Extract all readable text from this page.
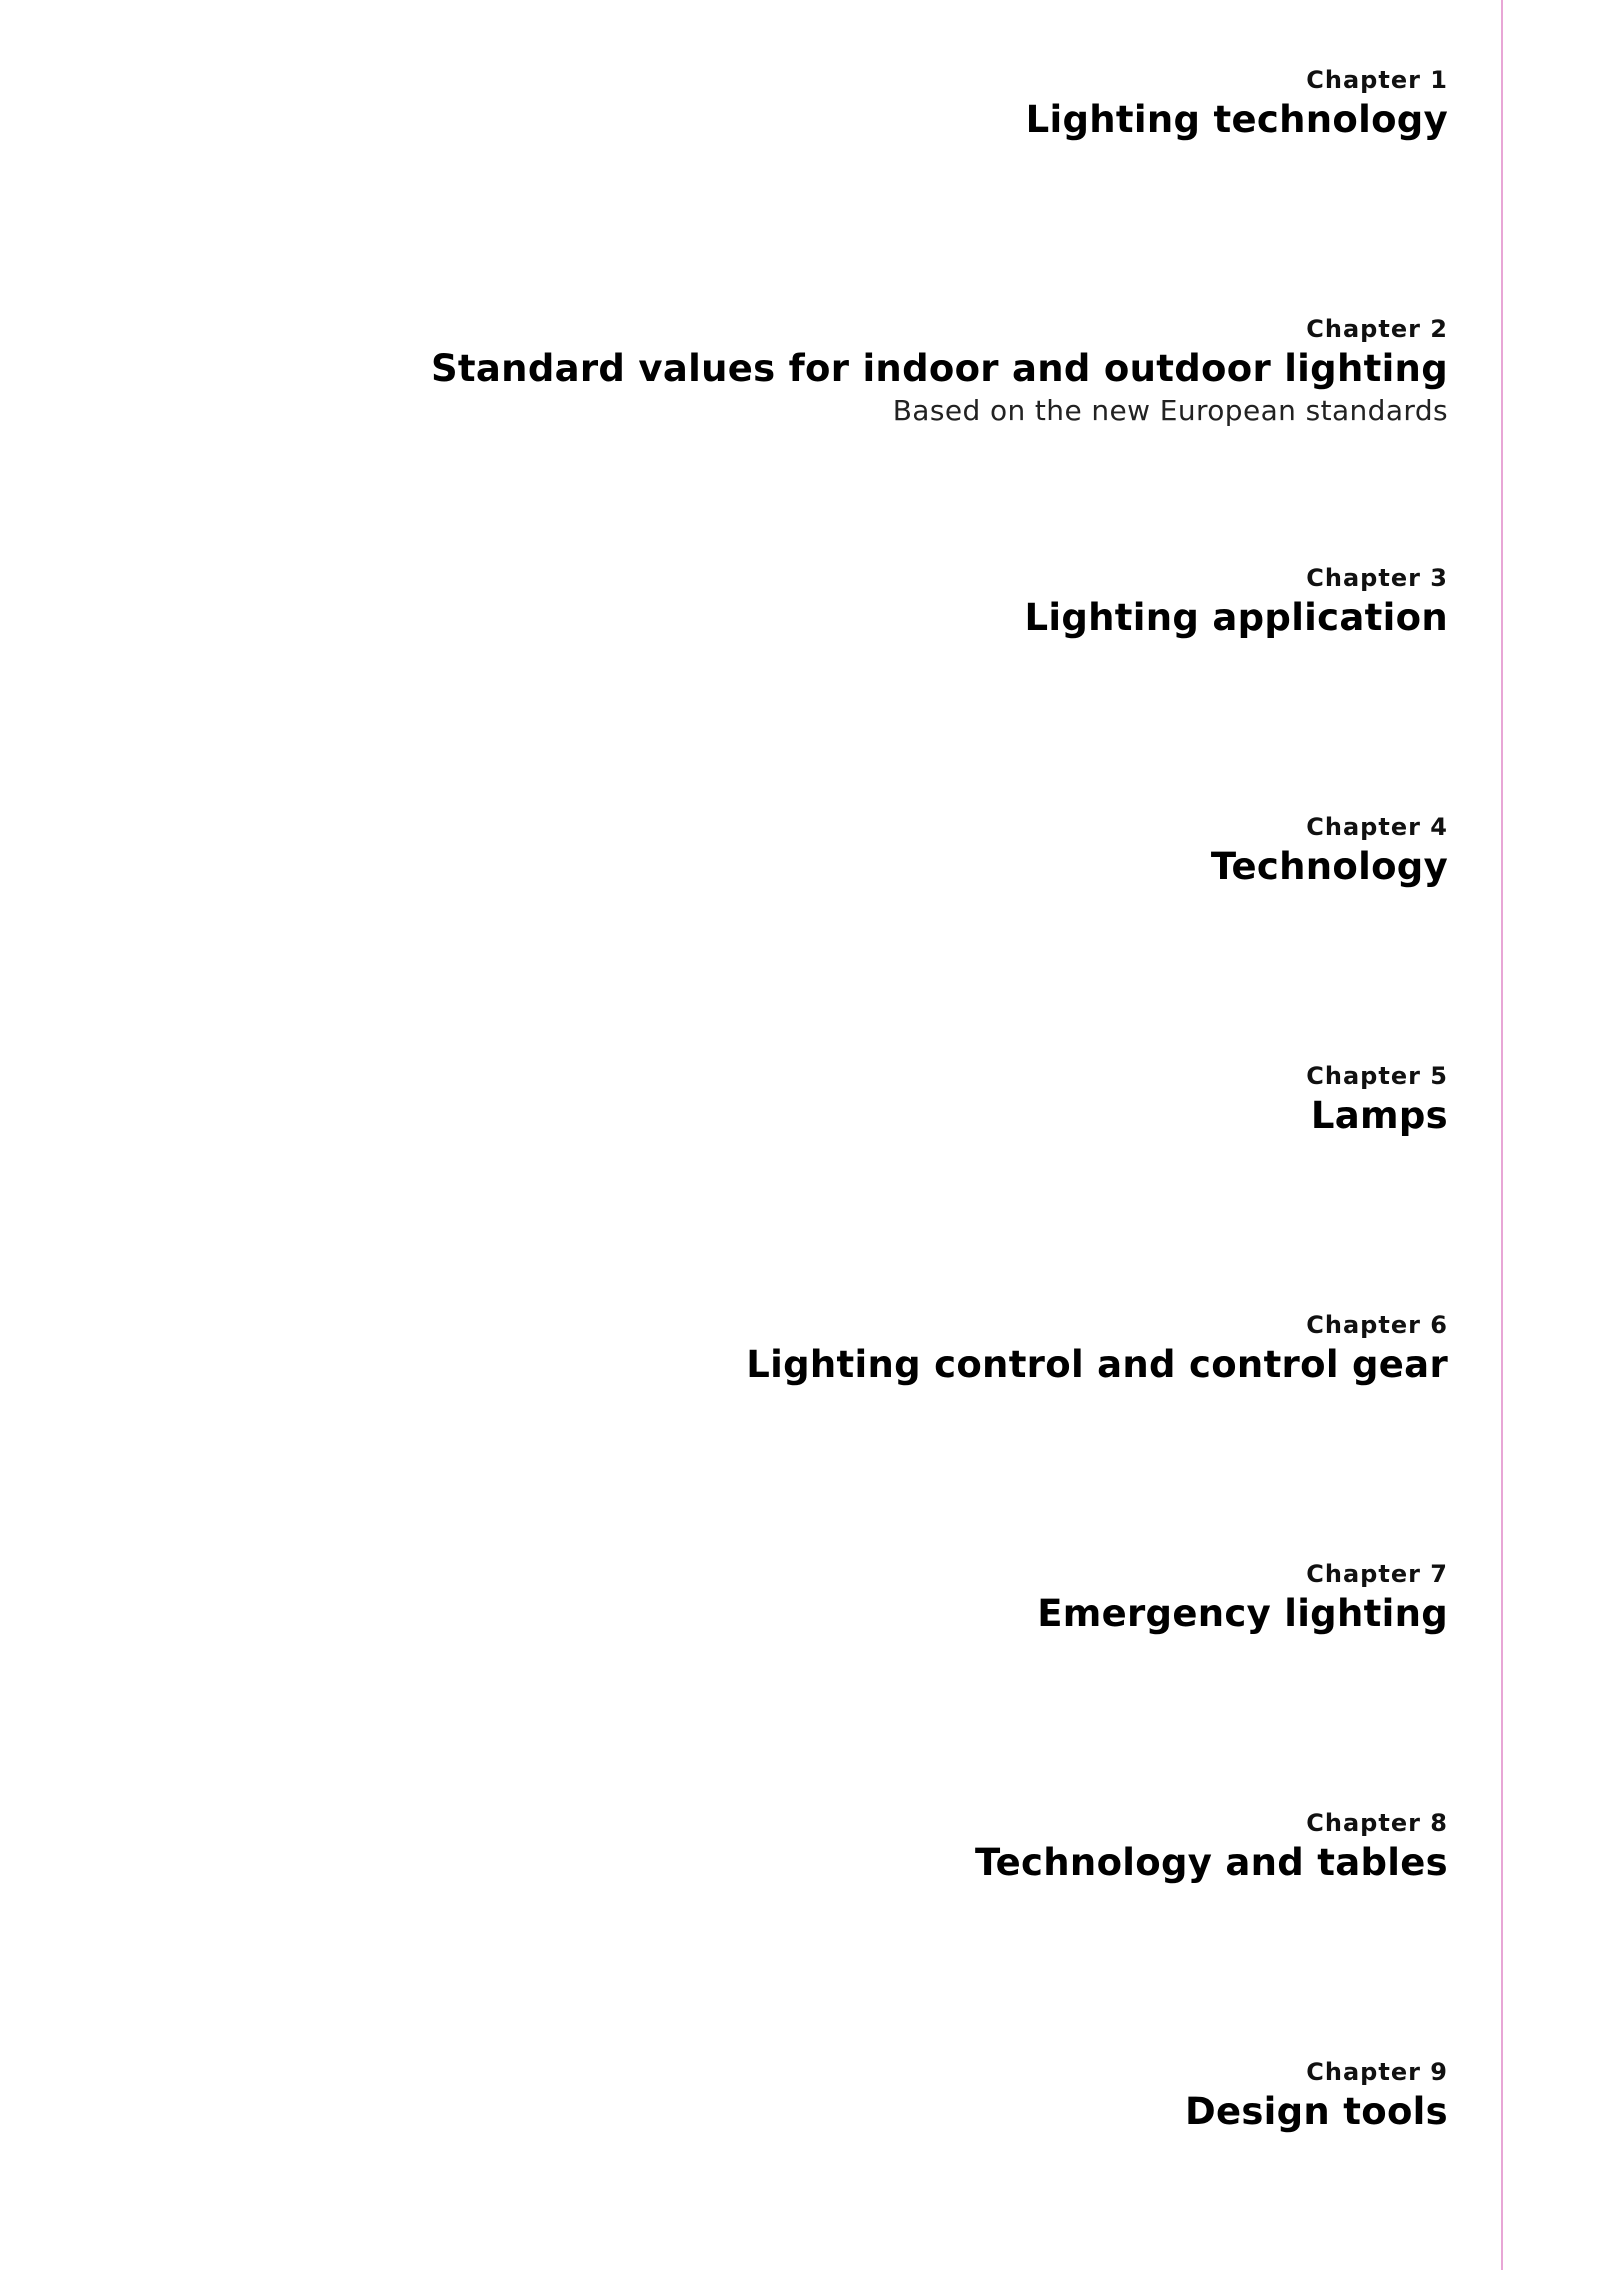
Chapter 1
Lighting technology
Chapter 2
Standard values for indoor and outdoor lighting
Based on the new European standards
Chapter 3
Lighting application
Chapter 4
Technology
Chapter 5
Lamps
Chapter 6
Lighting control and control gear
Chapter 7
Emergency lighting
Chapter 8
Technology and tables
Chapter 9
Design tools
